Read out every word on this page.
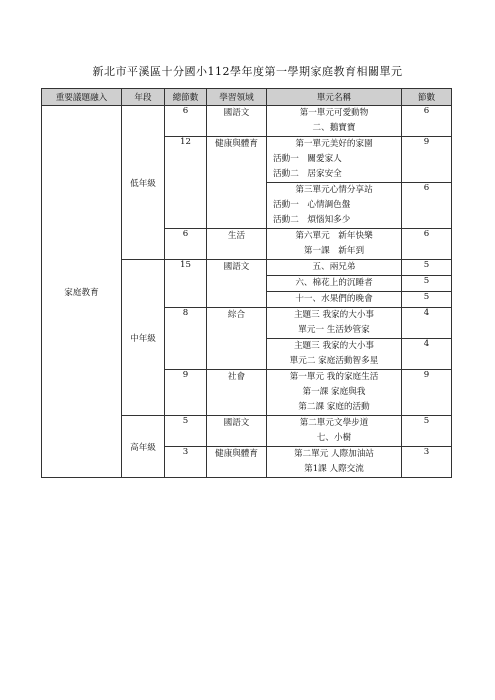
新北市平溪區十分國小112學年度第一學期家庭教育相關單元
重要議題融入	年段	總節數	學習領域	單元名稱	節數
家庭教育	低年級	6	國語文	第一單元可愛動物
二、鵝寶寶	6
		12	健康與體育	第一單元美好的家園
活動一　關愛家人
活動二　居家安全	9

				第三單元心情分享站
活動一　心情調色盤
活動二　煩惱知多少	6
		6	生活	第六單元　新年快樂
第一課　新年到	6
	中年級	15	國語文	五、兩兄弟	5

				六、棉花上的沉睡者	5

				十一、水果們的晚會	5
		8	綜合	主題三 我家的大小事
單元一 生活妙管家	4

				主題三 我家的大小事
單元二 家庭活動智多星	4
		9	社會	第一單元 我的家庭生活
第一課 家庭與我
第二課 家庭的活動	9
	高年級	5	國語文	第二單元文學步道
七、小樹	5
		3	健康與體育	第二單元 人際加油站
第1課 人際交流	3
